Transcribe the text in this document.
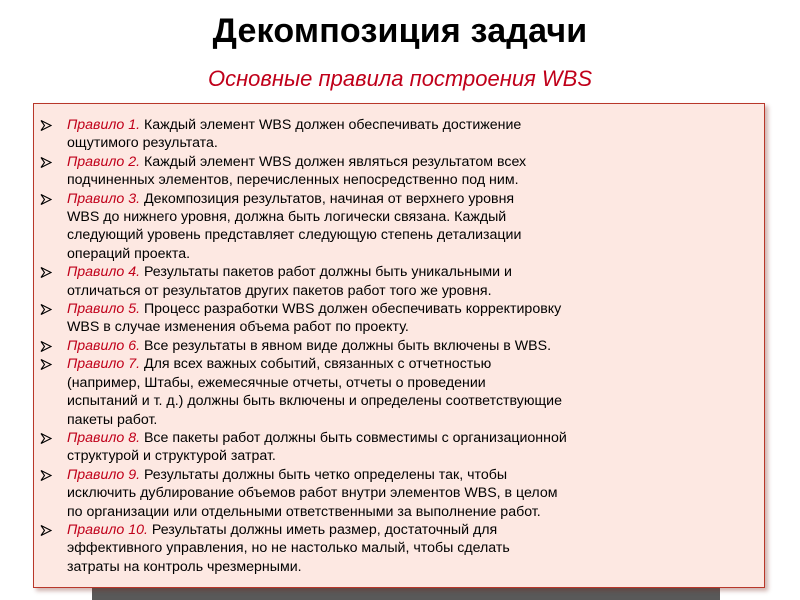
Декомпозиция задачи
Основные правила построения WBS
Правило 1. Каждый элемент WBS должен обеспечивать достижение
ощутимого результата.
Правило 2. Каждый элемент WBS должен являться результатом всех
подчиненных элементов, перечисленных непосредственно под ним.
Правило 3. Декомпозиция результатов, начиная от верхнего уровня
WBS до нижнего уровня, должна быть логически связана. Каждый
следующий уровень представляет следующую степень детализации
операций проекта.
Правило 4. Результаты пакетов работ должны быть уникальными и
отличаться от результатов других пакетов работ того же уровня.
Правило 5. Процесс разработки WBS должен обеспечивать корректировку
WBS в случае изменения объема работ по проекту.
Правило 6. Все результаты в явном виде должны быть включены в WBS.
Правило 7. Для всех важных событий, связанных с отчетностью
(например, Штабы, ежемесячные отчеты, отчеты о проведении
испытаний и т. д.) должны быть включены и определены соответствующие
пакеты работ.
Правило 8. Все пакеты работ должны быть совместимы с организационной
структурой и структурой затрат.
Правило 9. Результаты должны быть четко определены так, чтобы
исключить дублирование объемов работ внутри элементов WBS, в целом
по организации или отдельными ответственными за выполнение работ.
Правило 10. Результаты должны иметь размер, достаточный для
эффективного управления, но не настолько малый, чтобы сделать
затраты на контроль чрезмерными.
